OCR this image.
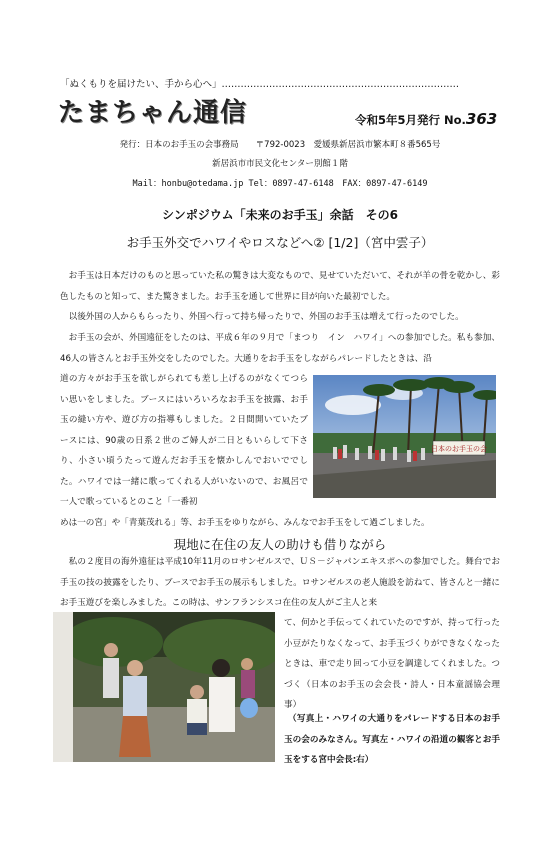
「ぬくもりを届けたい、手から心へ」…………………………………………………………………
たまちゃん通信	令和5年5月発行 No.363
発行：日本のお手玉の会事務局　　〒792-0023　愛媛県新居浜市繁本町８番565号
新居浜市市民文化センター別館１階
Mail：honbu@otedama.jp Tel：0897-47-6148　FAX：0897-47-6149
シンポジウム「未来のお手玉」余話　その6
お手玉外交でハワイやロスなどへ② [1/2]（宮中雲子）
お手玉は日本だけのものと思っていた私の驚きは大変なもので、見せていただいて、それが羊の骨を乾かし、彩色したものと知って、また驚きました。お手玉を通して世界に目が向いた最初でした。
以後外国の人からもらったり、外国へ行って持ち帰ったりで、外国のお手玉は増えて行ったのでした。
お手玉の会が、外国遠征をしたのは、平成６年の９月で「まつり　イン　ハワイ」への参加でした。私も参加、46人の皆さんとお手玉外交をしたのでした。大通りをお手玉をしながらパレードしたときは、沿
道の方々がお手玉を欲しがられても差し上げるのがなくてつらい思いをしました。ブースにはいろいろなお手玉を披露、お手玉の縫い方や、遊び方の指導もしました。２日間開いていたブースには、90歳の日系２世のご婦人が二日ともいらして下さり、小さい頃うたって遊んだお手玉を懐かしんでおいででした。ハワイでは一緒に歌ってくれる人がいないので、お風呂で一人で歌っているとのこと「一番初
日本のお手玉の会
めは一の宮」や「青葉茂れる」等、お手玉をゆりながら、みんなでお手玉をして過ごしました。
現地に在住の友人の助けも借りながら
私の２度目の海外遠征は平成10年11月のロサンゼルスで、ＵＳ－ジャパンエキスポへの参加でした。舞台でお手玉の技の披露をしたり、ブースでお手玉の展示もしました。ロサンゼルスの老人施設を訪ねて、皆さんと一緒にお手玉遊びを楽しみました。この時は、サンフランシスコ在住の友人がご主人と来
て、何かと手伝ってくれていたのですが、持って行った小豆がたりなくなって、お手玉づくりができなくなったときは、車で走り回って小豆を調達してくれました。つづく（日本のお手玉の会会長・詩人・日本童謡協会理事）
（写真上・ハワイの大通りをパレードする日本のお手玉の会のみなさん。写真左・ハワイの沿道の観客とお手玉をする宮中会長:右）
